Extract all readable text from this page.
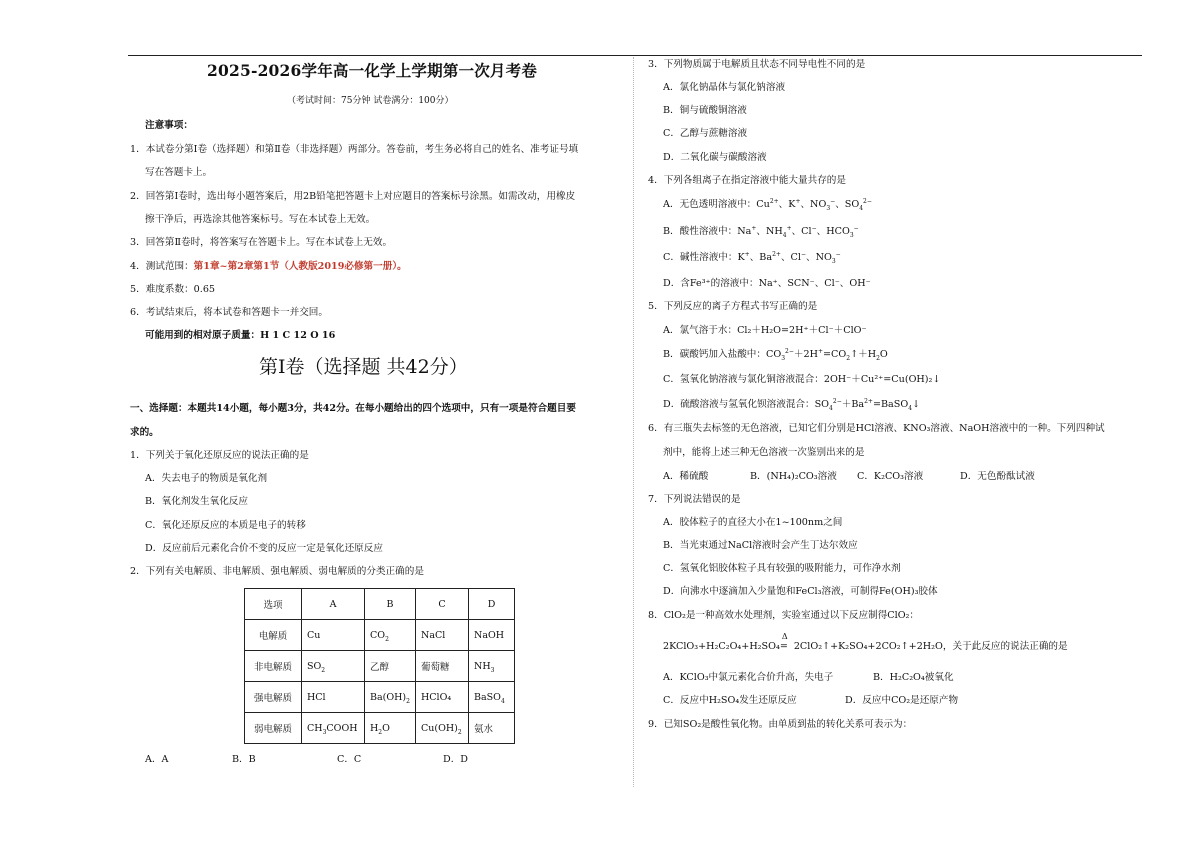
2025-2026学年高一化学上学期第一次月考卷
（考试时间：75分钟 试卷满分：100分）
注意事项：
1．本试卷分第Ⅰ卷（选择题）和第Ⅱ卷（非选择题）两部分。答卷前，考生务必将自己的姓名、准考证号填
写在答题卡上。
2．回答第Ⅰ卷时，选出每小题答案后，用2B铅笔把答题卡上对应题目的答案标号涂黑。如需改动，用橡皮
擦干净后，再选涂其他答案标号。写在本试卷上无效。
3．回答第Ⅱ卷时，将答案写在答题卡上。写在本试卷上无效。
4．测试范围：第1章~第2章第1节（人教版2019必修第一册）。
5．难度系数：0.65
6．考试结束后，将本试卷和答题卡一并交回。
可能用到的相对原子质量：H 1 C 12 O 16
第Ⅰ卷（选择题 共42分）
一、选择题：本题共14小题，每小题3分，共42分。在每小题给出的四个选项中，只有一项是符合题目要
求的。
1．下列关于氧化还原反应的说法正确的是
A．失去电子的物质是氧化剂
B．氧化剂发生氧化反应
C．氧化还原反应的本质是电子的转移
D．反应前后元素化合价不变的反应一定是氧化还原反应
2．下列有关电解质、非电解质、强电解质、弱电解质的分类正确的是
选项	A	B	C	D
电解质	Cu	$CO_2$	NaCl	NaOH
非电解质	$SO_2$	乙醇	葡萄糖	$NH_3$
强电解质	HCl	$Ba(OH)_2$	HClO₄	BaSO$_4$
弱电解质	$CH_3COOH$	$H_2O$	$Cu(OH)_2$	氨水
A．A	B．B	C．C	D．D
3．下列物质属于电解质且状态不同导电性不同的是
A．氯化钠晶体与氯化钠溶液
B．铜与硫酸铜溶液
C．乙醇与蔗糖溶液
D．二氧化碳与碳酸溶液
4．下列各组离子在指定溶液中能大量共存的是
A．无色透明溶液中：$Cu^{2+}$、K+、$NO_3^-$、$SO_4^{2-}$
B．酸性溶液中：Na+、$NH_4^+$、Cl−、$HCO_3^-$
C．碱性溶液中：K+、$Ba^{2+}$、Cl−、$NO_3^-$
D．含Fe³⁺的溶液中：Na⁺、SCN⁻、Cl⁻、OH⁻
5．下列反应的离子方程式书写正确的是
A．氯气溶于水：Cl₂＋H₂O=2H⁺＋Cl⁻＋ClO⁻
B．碳酸钙加入盐酸中：$CO_3^{2-}+2H^+=CO_2↑+H_2O$
C．氢氧化钠溶液与氯化铜溶液混合：2OH⁻＋Cu²⁺=Cu(OH)₂↓
D．硫酸溶液与氢氧化钡溶液混合：$SO_4^{2-}+Ba^{2+}=BaSO_4↓$
6．有三瓶失去标签的无色溶液，已知它们分别是HCl溶液、KNO₃溶液、NaOH溶液中的一种。下列四种试
剂中，能将上述三种无色溶液一次鉴别出来的是
A．稀硫酸	B．(NH₄)₂CO₃溶液 C．K₂CO₃溶液	D．无色酚酞试液
7．下列说法错误的是
A．胶体粒子的直径大小在1~100nm之间
B．当光束通过NaCl溶液时会产生丁达尔效应
C．氢氧化铝胶体粒子具有较强的吸附能力，可作净水剂
D．向沸水中逐滴加入少量饱和FeCl₃溶液，可制得Fe(OH)₃胶体
8．ClO₂是一种高效水处理剂，实验室通过以下反应制得ClO₂：
2KClO₃+H₂C₂O₄+H₂SO₄
Δ
= 2ClO₂↑+K₂SO₄+2CO₂↑+2H₂O，关于此反应的说法正确的是
A．KClO₃中氯元素化合价升高，失电子	B．H₂C₂O₄被氧化
C．反应中H₂SO₄发生还原反应	D．反应中CO₂是还原产物
9．已知SO₂是酸性氧化物。由单质到盐的转化关系可表示为：
